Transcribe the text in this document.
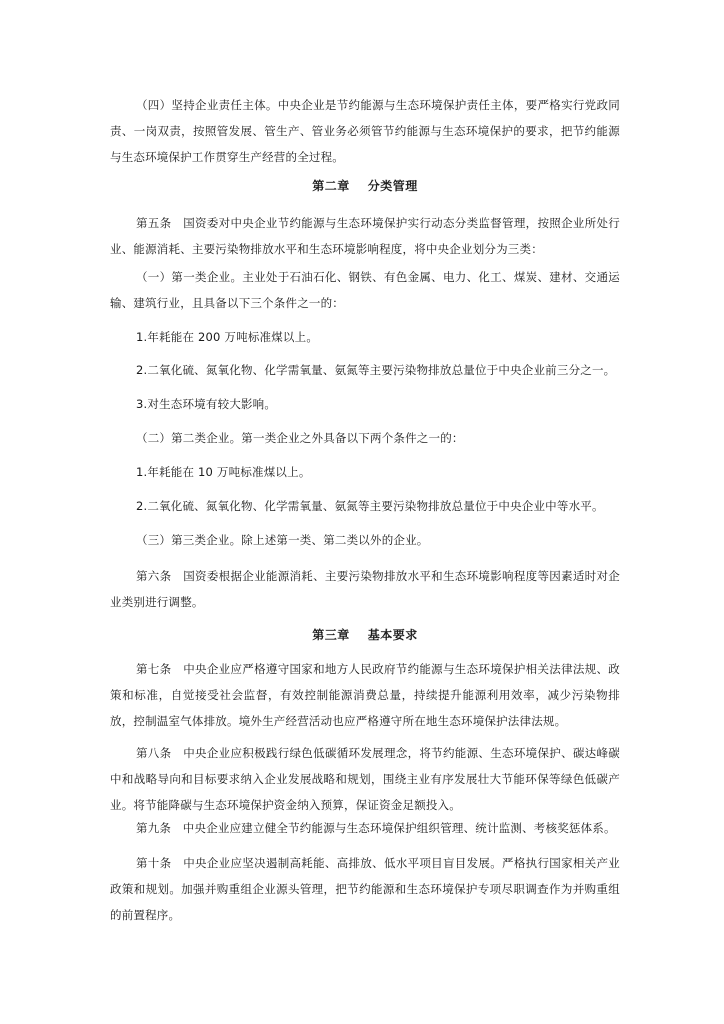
（四）坚持企业责任主体。中央企业是节约能源与生态环境保护责任主体，要严格实行党政同责、一岗双责，按照管发展、管生产、管业务必须管节约能源与生态环境保护的要求，把节约能源与生态环境保护工作贯穿生产经营的全过程。

第二章 分类管理

第五条　国资委对中央企业节约能源与生态环境保护实行动态分类监督管理，按照企业所处行业、能源消耗、主要污染物排放水平和生态环境影响程度，将中央企业划分为三类：

（一）第一类企业。主业处于石油石化、钢铁、有色金属、电力、化工、煤炭、建材、交通运输、建筑行业，且具备以下三个条件之一的：

1.年耗能在 200 万吨标准煤以上。

2.二氧化硫、氮氧化物、化学需氧量、氨氮等主要污染物排放总量位于中央企业前三分之一。

3.对生态环境有较大影响。

（二）第二类企业。第一类企业之外具备以下两个条件之一的：

1.年耗能在 10 万吨标准煤以上。

2.二氧化硫、氮氧化物、化学需氧量、氨氮等主要污染物排放总量位于中央企业中等水平。

（三）第三类企业。除上述第一类、第二类以外的企业。

第六条　国资委根据企业能源消耗、主要污染物排放水平和生态环境影响程度等因素适时对企业类别进行调整。

第三章 基本要求

第七条　中央企业应严格遵守国家和地方人民政府节约能源与生态环境保护相关法律法规、政策和标准，自觉接受社会监督，有效控制能源消费总量，持续提升能源利用效率，减少污染物排放，控制温室气体排放。境外生产经营活动也应严格遵守所在地生态环境保护法律法规。

第八条　中央企业应积极践行绿色低碳循环发展理念，将节约能源、生态环境保护、碳达峰碳中和战略导向和目标要求纳入企业发展战略和规划，围绕主业有序发展壮大节能环保等绿色低碳产业。将节能降碳与生态环境保护资金纳入预算，保证资金足额投入。

第九条　中央企业应建立健全节约能源与生态环境保护组织管理、统计监测、考核奖惩体系。

第十条　中央企业应坚决遏制高耗能、高排放、低水平项目盲目发展。严格执行国家相关产业政策和规划。加强并购重组企业源头管理，把节约能源和生态环境保护专项尽职调查作为并购重组的前置程序。
